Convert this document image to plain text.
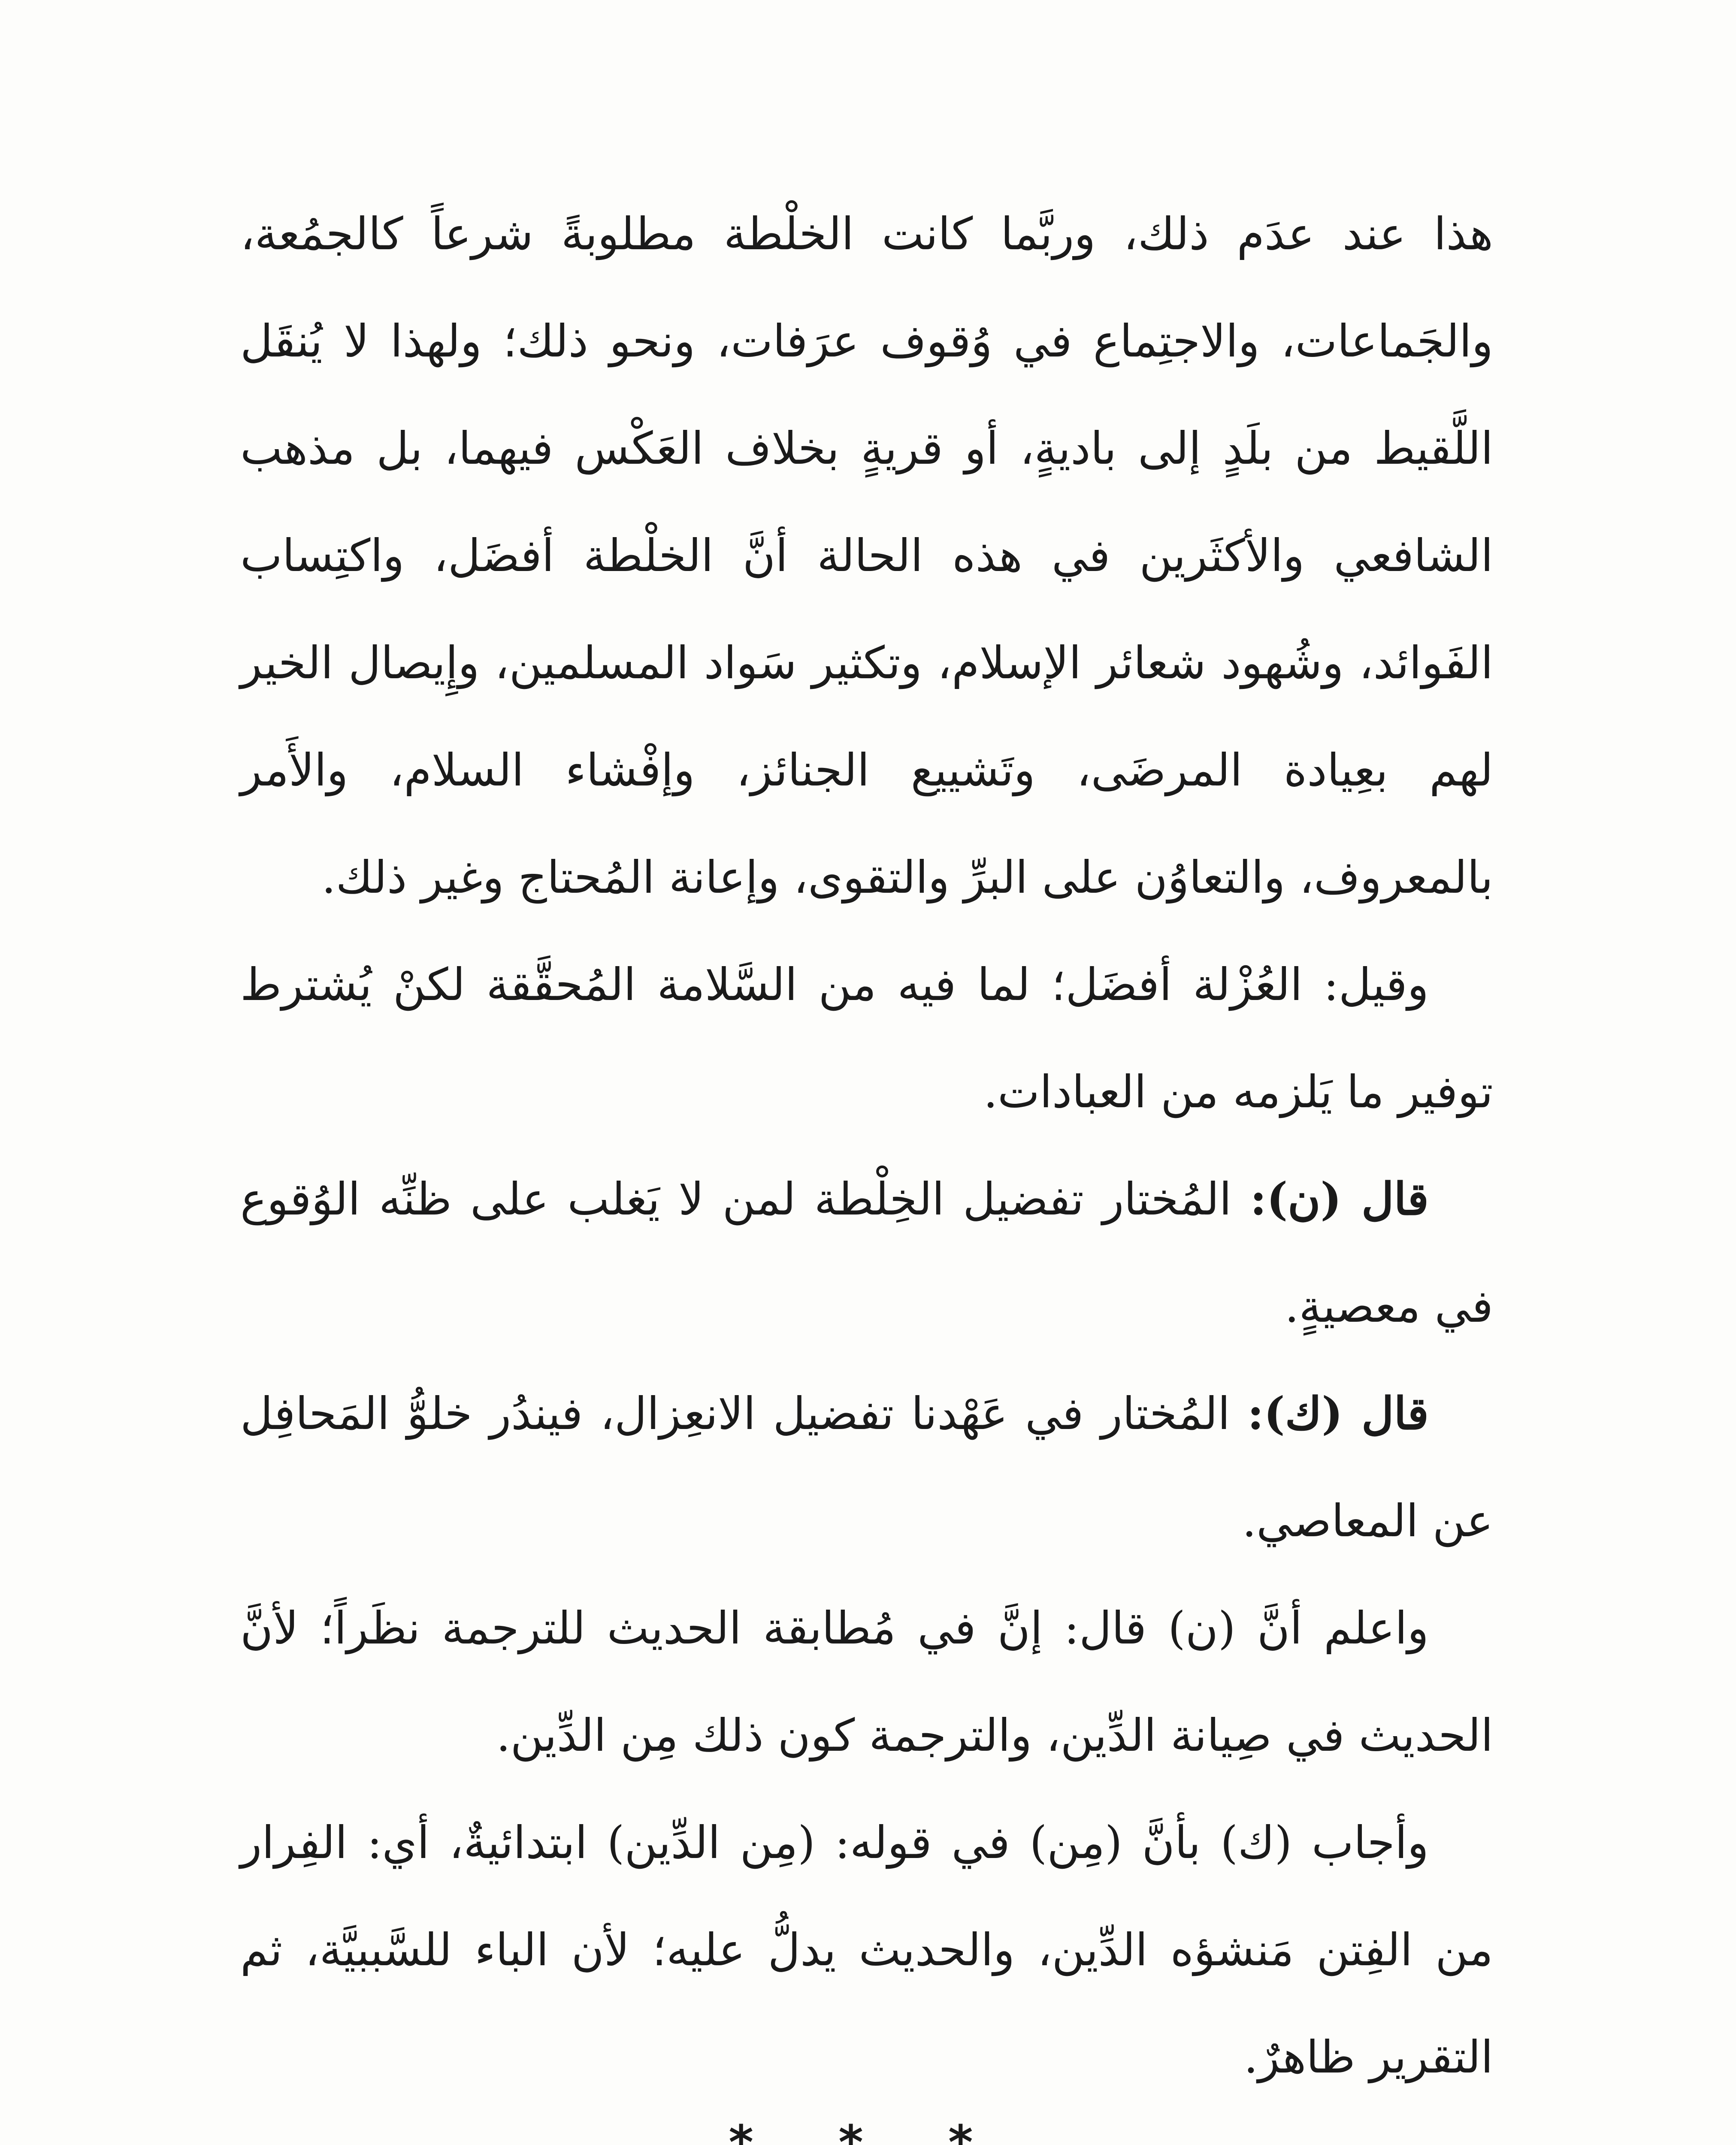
هذا عند عدَم ذلك، وربَّما كانت الخلْطة مطلوبةً شرعاً كالجمُعة، والجَماعات، والاجتِماع في وُقوف عرَفات، ونحو ذلك؛ ولهذا لا يُنقَل اللَّقيط من بلَدٍ إلى باديةٍ، أو قريةٍ بخلاف العَكْس فيهما، بل مذهب الشافعي والأكثَرين في هذه الحالة أنَّ الخلْطة أفضَل، واكتِساب الفَوائد، وشُهود شعائر الإسلام، وتكثير سَواد المسلمين، وإِيصال الخير لهم بعِيادة المرضَى، وتَشييع الجنائز، وإفْشاء السلام، والأَمر بالمعروف، والتعاوُن على البرِّ والتقوى، وإعانة المُحتاج وغير ذلك.

وقيل: العُزْلة أفضَل؛ لما فيه من السَّلامة المُحقَّقة لكنْ يُشترط توفير ما يَلزمه من العبادات.

قال (ن): المُختار تفضيل الخِلْطة لمن لا يَغلب على ظنِّه الوُقوع في معصيةٍ.

قال (ك): المُختار في عَهْدنا تفضيل الانعِزال، فيندُر خلوُّ المَحافِل عن المعاصي.

واعلم أنَّ (ن) قال: إنَّ في مُطابقة الحديث للترجمة نظَراً؛ لأنَّ الحديث في صِيانة الدِّين، والترجمة كون ذلك مِن الدِّين.

وأجاب (ك) بأنَّ (مِن) في قوله: (مِن الدِّين) ابتدائيةٌ، أي: الفِرار من الفِتن مَنشؤه الدِّين، والحديث يدلُّ عليه؛ لأن الباء للسَّببيَّة، ثم التقرير ظاهرٌ.

* * *
